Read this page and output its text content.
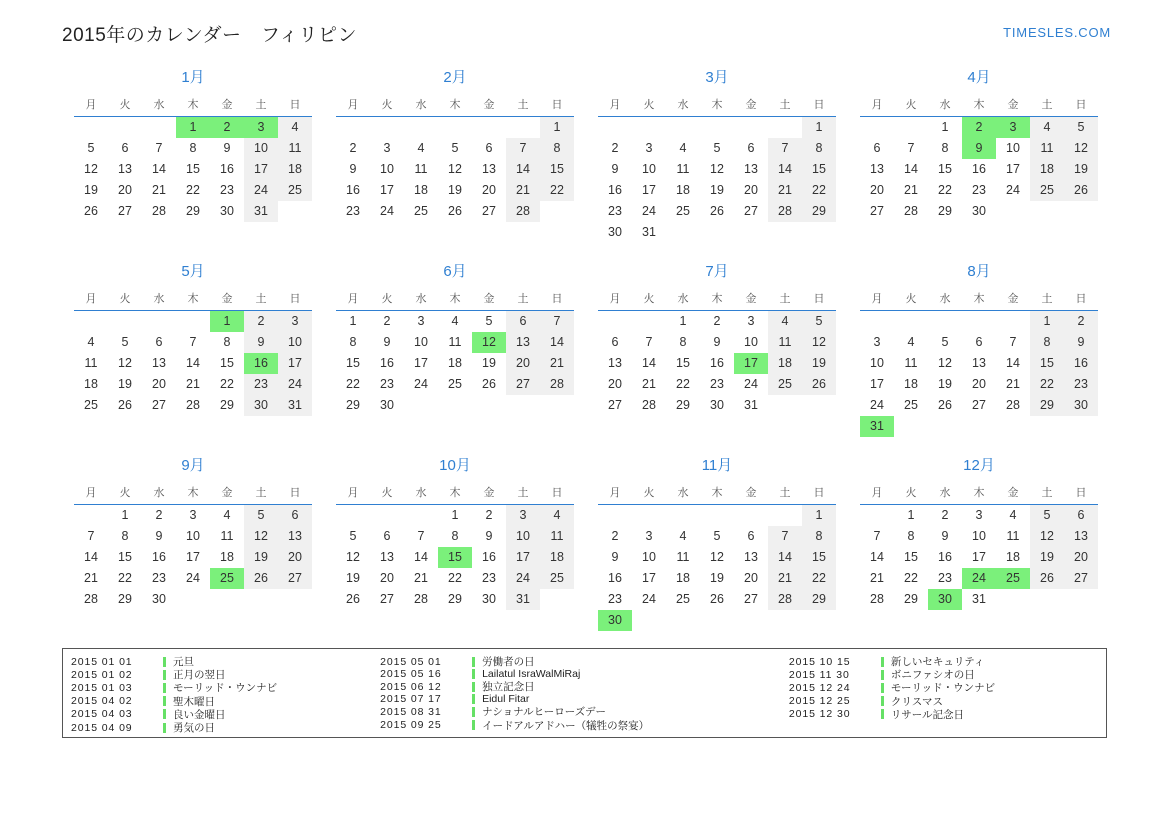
2015年のカレンダー　フィリピン	TIMESLES.COM
1月
月	火	水	木	金	土	日
			1	2	3	4
5	6	7	8	9	10	11
12	13	14	15	16	17	18
19	20	21	22	23	24	25
26	27	28	29	30	31	
2月
月	火	水	木	金	土	日
						1
2	3	4	5	6	7	8
9	10	11	12	13	14	15
16	17	18	19	20	21	22
23	24	25	26	27	28	
3月
月	火	水	木	金	土	日
						1
2	3	4	5	6	7	8
9	10	11	12	13	14	15
16	17	18	19	20	21	22
23	24	25	26	27	28	29
30	31					
4月
月	火	水	木	金	土	日
		1	2	3	4	5
6	7	8	9	10	11	12
13	14	15	16	17	18	19
20	21	22	23	24	25	26
27	28	29	30			
5月
月	火	水	木	金	土	日
				1	2	3
4	5	6	7	8	9	10
11	12	13	14	15	16	17
18	19	20	21	22	23	24
25	26	27	28	29	30	31
6月
月	火	水	木	金	土	日
1	2	3	4	5	6	7
8	9	10	11	12	13	14
15	16	17	18	19	20	21
22	23	24	25	26	27	28
29	30					
7月
月	火	水	木	金	土	日
		1	2	3	4	5
6	7	8	9	10	11	12
13	14	15	16	17	18	19
20	21	22	23	24	25	26
27	28	29	30	31		
8月
月	火	水	木	金	土	日
					1	2
3	4	5	6	7	8	9
10	11	12	13	14	15	16
17	18	19	20	21	22	23
24	25	26	27	28	29	30
31						
9月
月	火	水	木	金	土	日
	1	2	3	4	5	6
7	8	9	10	11	12	13
14	15	16	17	18	19	20
21	22	23	24	25	26	27
28	29	30				
10月
月	火	水	木	金	土	日
			1	2	3	4
5	6	7	8	9	10	11
12	13	14	15	16	17	18
19	20	21	22	23	24	25
26	27	28	29	30	31	
11月
月	火	水	木	金	土	日
						1
2	3	4	5	6	7	8
9	10	11	12	13	14	15
16	17	18	19	20	21	22
23	24	25	26	27	28	29
30						
12月
月	火	水	木	金	土	日
	1	2	3	4	5	6
7	8	9	10	11	12	13
14	15	16	17	18	19	20
21	22	23	24	25	26	27
28	29	30	31			
2015 01 01	元旦
2015 01 02	正月の翌日
2015 01 03	モーリッド・ウンナビ
2015 04 02	聖木曜日
2015 04 03	良い金曜日
2015 04 09	勇気の日
2015 05 01	労働者の日
2015 05 16	Lailatul IsraWalMiRaj
2015 06 12	独立記念日
2015 07 17	Eidul Fitar
2015 08 31	ナショナルヒーローズデー
2015 09 25	イードアルアドハー（犠牲の祭宴）
2015 10 15	新しいセキュリティ
2015 11 30	ボニファシオの日
2015 12 24	モーリッド・ウンナビ
2015 12 25	クリスマス
2015 12 30	リサール記念日
